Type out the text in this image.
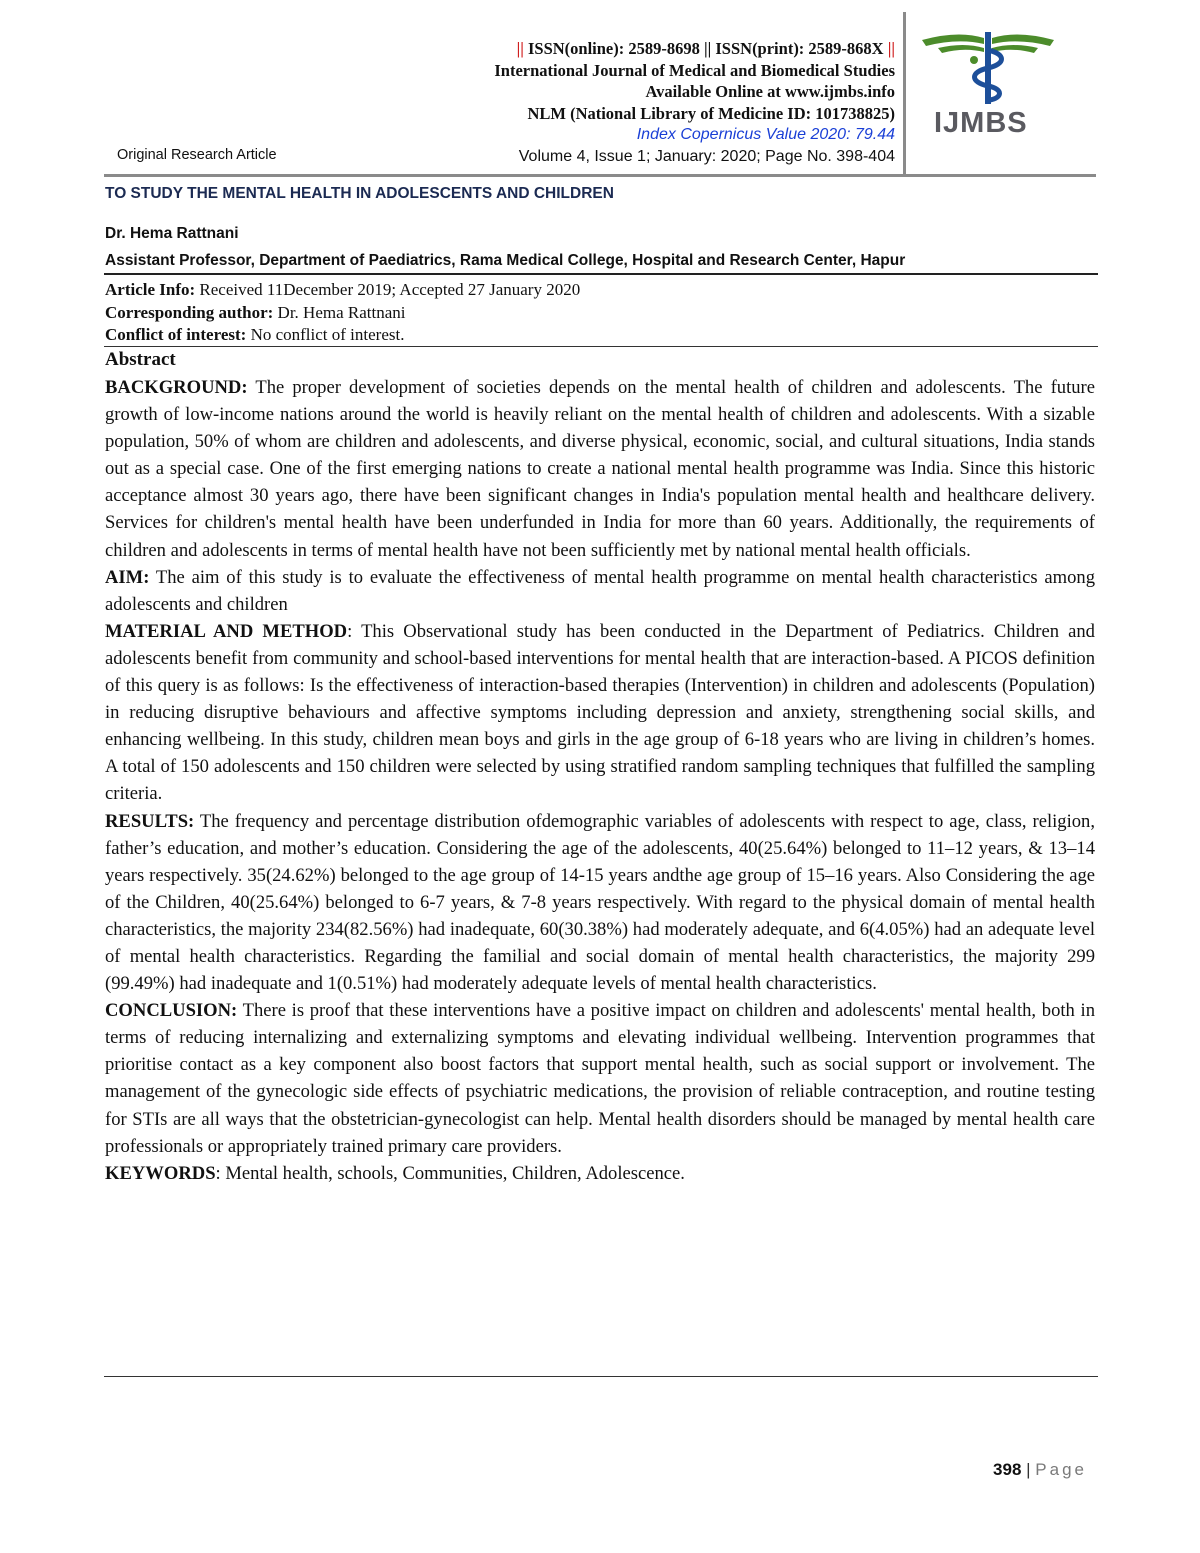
|| ISSN(online): 2589-8698 || ISSN(print): 2589-868X ||
International Journal of Medical and Biomedical Studies
Available Online at www.ijmbs.info
NLM (National Library of Medicine ID: 101738825)
Index Copernicus Value 2020: 79.44
Volume 4, Issue 1; January: 2020; Page No. 398-404
Original Research Article
IJMBS
TO STUDY THE MENTAL HEALTH IN ADOLESCENTS AND CHILDREN
Dr. Hema Rattnani
Assistant Professor, Department of Paediatrics, Rama Medical College, Hospital and Research Center, Hapur
Article Info: Received 11December 2019; Accepted 27 January 2020
Corresponding author: Dr. Hema Rattnani
Conflict of interest: No conflict of interest.
Abstract

BACKGROUND: The proper development of societies depends on the mental health of children and adolescents. The future growth of low-income nations around the world is heavily reliant on the mental health of children and adolescents. With a sizable population, 50% of whom are children and adolescents, and diverse physical, economic, social, and cultural situations, India stands out as a special case. One of the first emerging nations to create a national mental health programme was India. Since this historic acceptance almost 30 years ago, there have been significant changes in India's population mental health and healthcare delivery. Services for children's mental health have been underfunded in India for more than 60 years. Additionally, the requirements of children and adolescents in terms of mental health have not been sufficiently met by national mental health officials.

AIM: The aim of this study is to evaluate the effectiveness of mental health programme on mental health characteristics among adolescents and children

MATERIAL AND METHOD: This Observational study has been conducted in the Department of Pediatrics. Children and adolescents benefit from community and school-based interventions for mental health that are interaction-based. A PICOS definition of this query is as follows: Is the effectiveness of interaction-based therapies (Intervention) in children and adolescents (Population) in reducing disruptive behaviours and affective symptoms including depression and anxiety, strengthening social skills, and enhancing wellbeing. In this study, children mean boys and girls in the age group of 6-18 years who are living in children’s homes. A total of 150 adolescents and 150 children were selected by using stratified random sampling techniques that fulfilled the sampling criteria.

RESULTS: The frequency and percentage distribution ofdemographic variables of adolescents with respect to age, class, religion, father’s education, and mother’s education. Considering the age of the adolescents, 40(25.64%) belonged to 11–12 years, & 13–14 years respectively. 35(24.62%) belonged to the age group of 14-15 years andthe age group of 15–16 years. Also Considering the age of the Children, 40(25.64%) belonged to 6-7 years, & 7-8 years respectively. With regard to the physical domain of mental health characteristics, the majority 234(82.56%) had inadequate, 60(30.38%) had moderately adequate, and 6(4.05%) had an adequate level of mental health characteristics. Regarding the familial and social domain of mental health characteristics, the majority 299 (99.49%) had inadequate and 1(0.51%) had moderately adequate levels of mental health characteristics.

CONCLUSION: There is proof that these interventions have a positive impact on children and adolescents' mental health, both in terms of reducing internalizing and externalizing symptoms and elevating individual wellbeing. Intervention programmes that prioritise contact as a key component also boost factors that support mental health, such as social support or involvement. The management of the gynecologic side effects of psychiatric medications, the provision of reliable contraception, and routine testing for STIs are all ways that the obstetrician-gynecologist can help. Mental health disorders should be managed by mental health care professionals or appropriately trained primary care providers.

KEYWORDS: Mental health, schools, Communities, Children, Adolescence.

398 | Page
